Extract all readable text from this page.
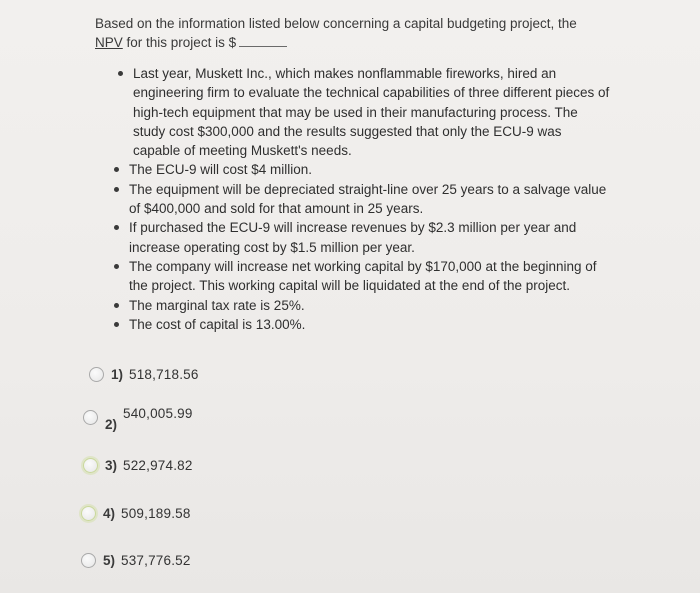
Based on the information listed below concerning a capital budgeting project, the
NPV for this project is $
Last year, Muskett Inc., which makes nonflammable fireworks, hired an engineering firm to evaluate the technical capabilities of three different pieces of high-tech equipment that may be used in their manufacturing process. The study cost $300,000 and the results suggested that only the ECU-9 was capable of meeting Muskett's needs.
The ECU-9 will cost $4 million.
The equipment will be depreciated straight-line over 25 years to a salvage value of $400,000 and sold for that amount in 25 years.
If purchased the ECU-9 will increase revenues by $2.3 million per year and increase operating cost by $1.5 million per year.
The company will increase net working capital by $170,000 at the beginning of the project. This working capital will be liquidated at the end of the project.
The marginal tax rate is 25%.
The cost of capital is 13.00%.
1) 518,718.56
2)
540,005.99
3) 522,974.82
4) 509,189.58
5) 537,776.52
